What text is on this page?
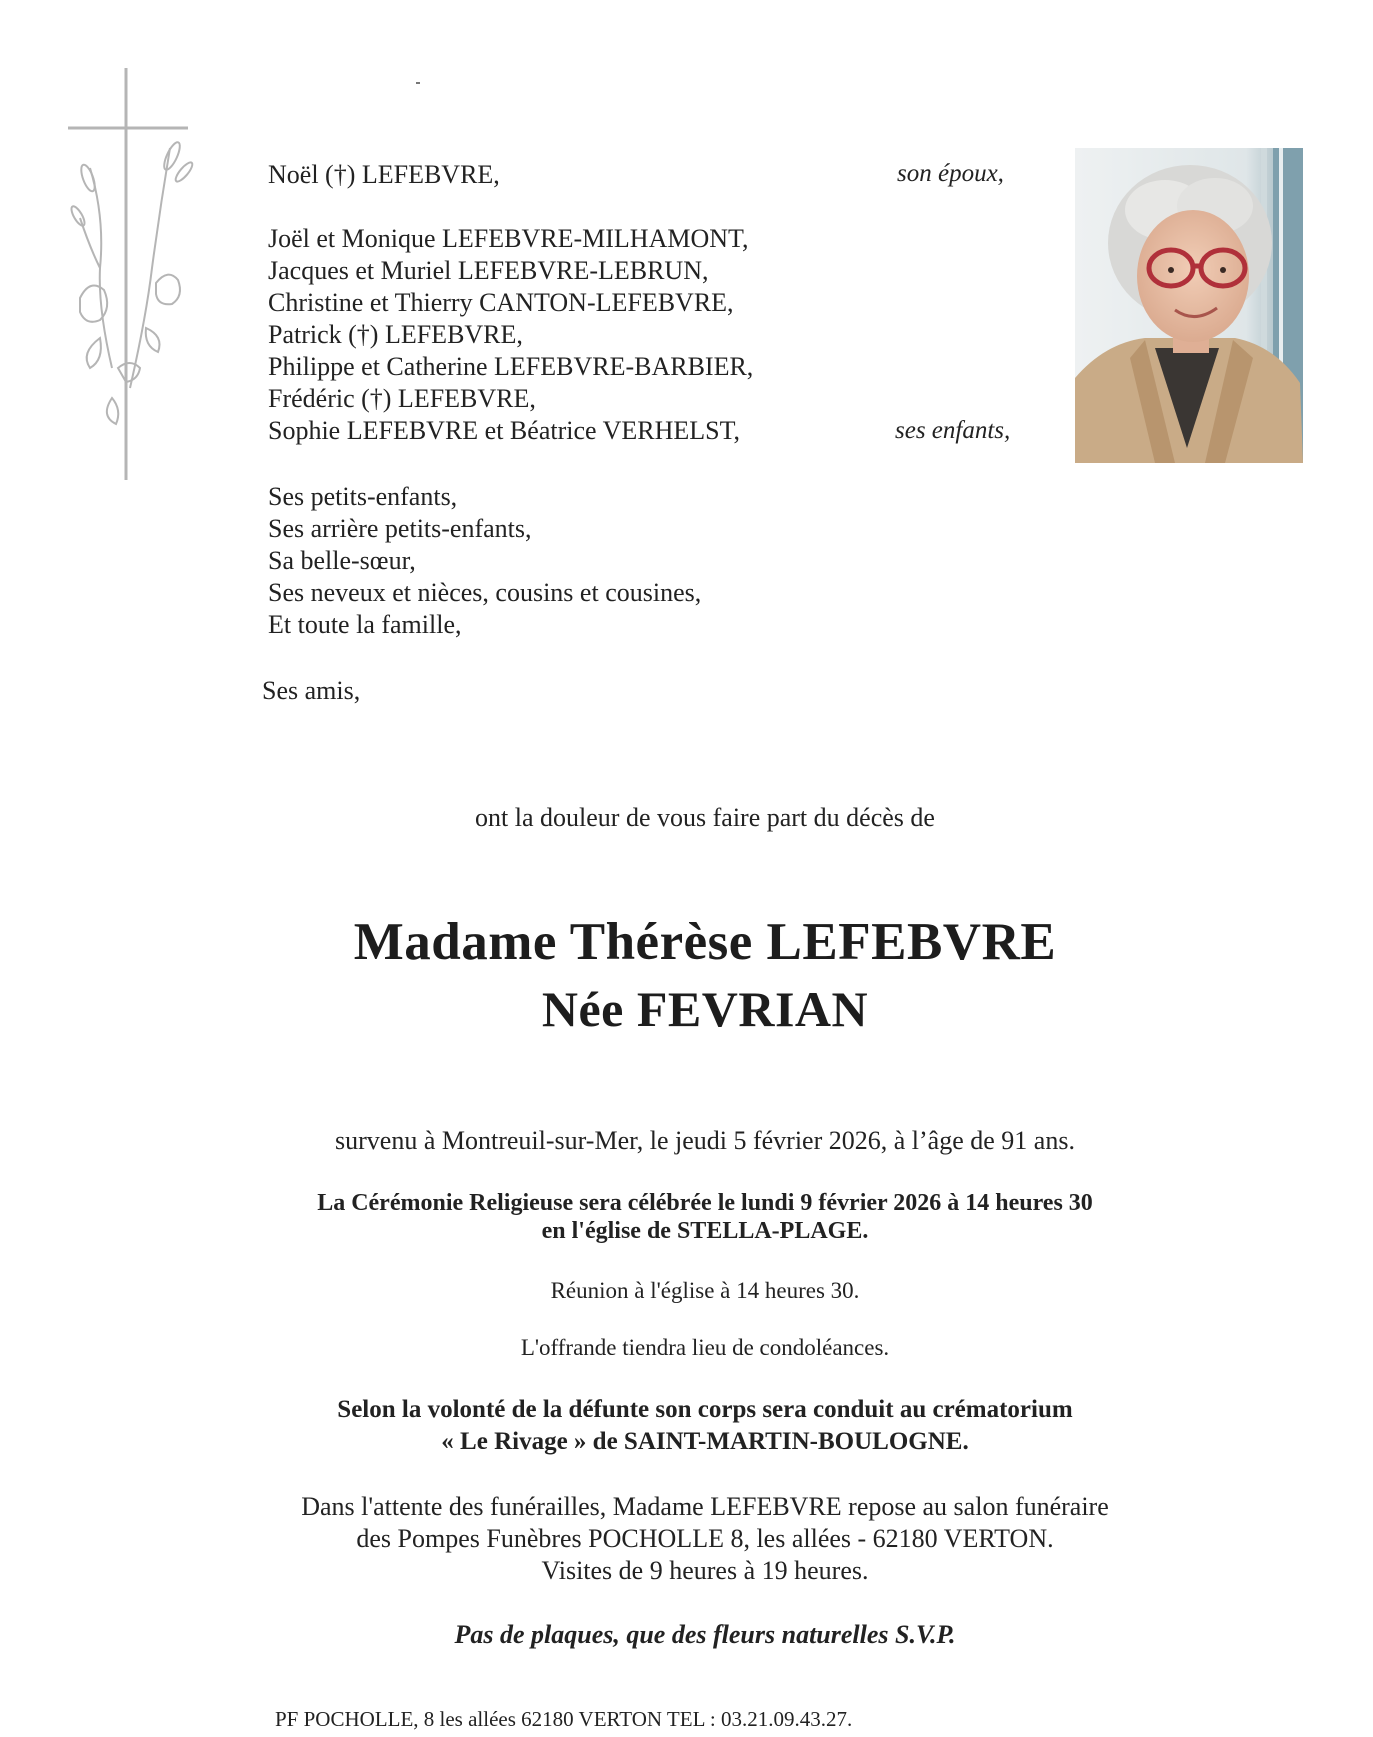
Noël (†) LEFEBVRE,	son époux,
Joël et Monique LEFEBVRE-MILHAMONT,
Jacques et Muriel LEFEBVRE-LEBRUN,
Christine et Thierry CANTON-LEFEBVRE,
Patrick (†) LEFEBVRE,
Philippe et Catherine LEFEBVRE-BARBIER,
Frédéric (†) LEFEBVRE,
Sophie LEFEBVRE et Béatrice VERHELST,	ses enfants,
Ses petits-enfants,
Ses arrière petits-enfants,
Sa belle-sœur,
Ses neveux et nièces, cousins et cousines,
Et toute la famille,
Ses amis,
ont la douleur de vous faire part du décès de
Madame Thérèse LEFEBVRE
Née FEVRIAN
survenu à Montreuil-sur-Mer, le jeudi 5 février 2026, à l’âge de 91 ans.
La Cérémonie Religieuse sera célébrée le lundi 9 février 2026 à 14 heures 30
en l'église de STELLA-PLAGE.
Réunion à l'église à 14 heures 30.
L'offrande tiendra lieu de condoléances.
Selon la volonté de la défunte son corps sera conduit au crématorium
« Le Rivage » de SAINT-MARTIN-BOULOGNE.
Dans l'attente des funérailles, Madame LEFEBVRE repose au salon funéraire
des Pompes Funèbres POCHOLLE 8, les allées - 62180 VERTON.
Visites de 9 heures à 19 heures.
Pas de plaques, que des fleurs naturelles S.V.P.
PF POCHOLLE, 8 les allées 62180 VERTON TEL : 03.21.09.43.27.
